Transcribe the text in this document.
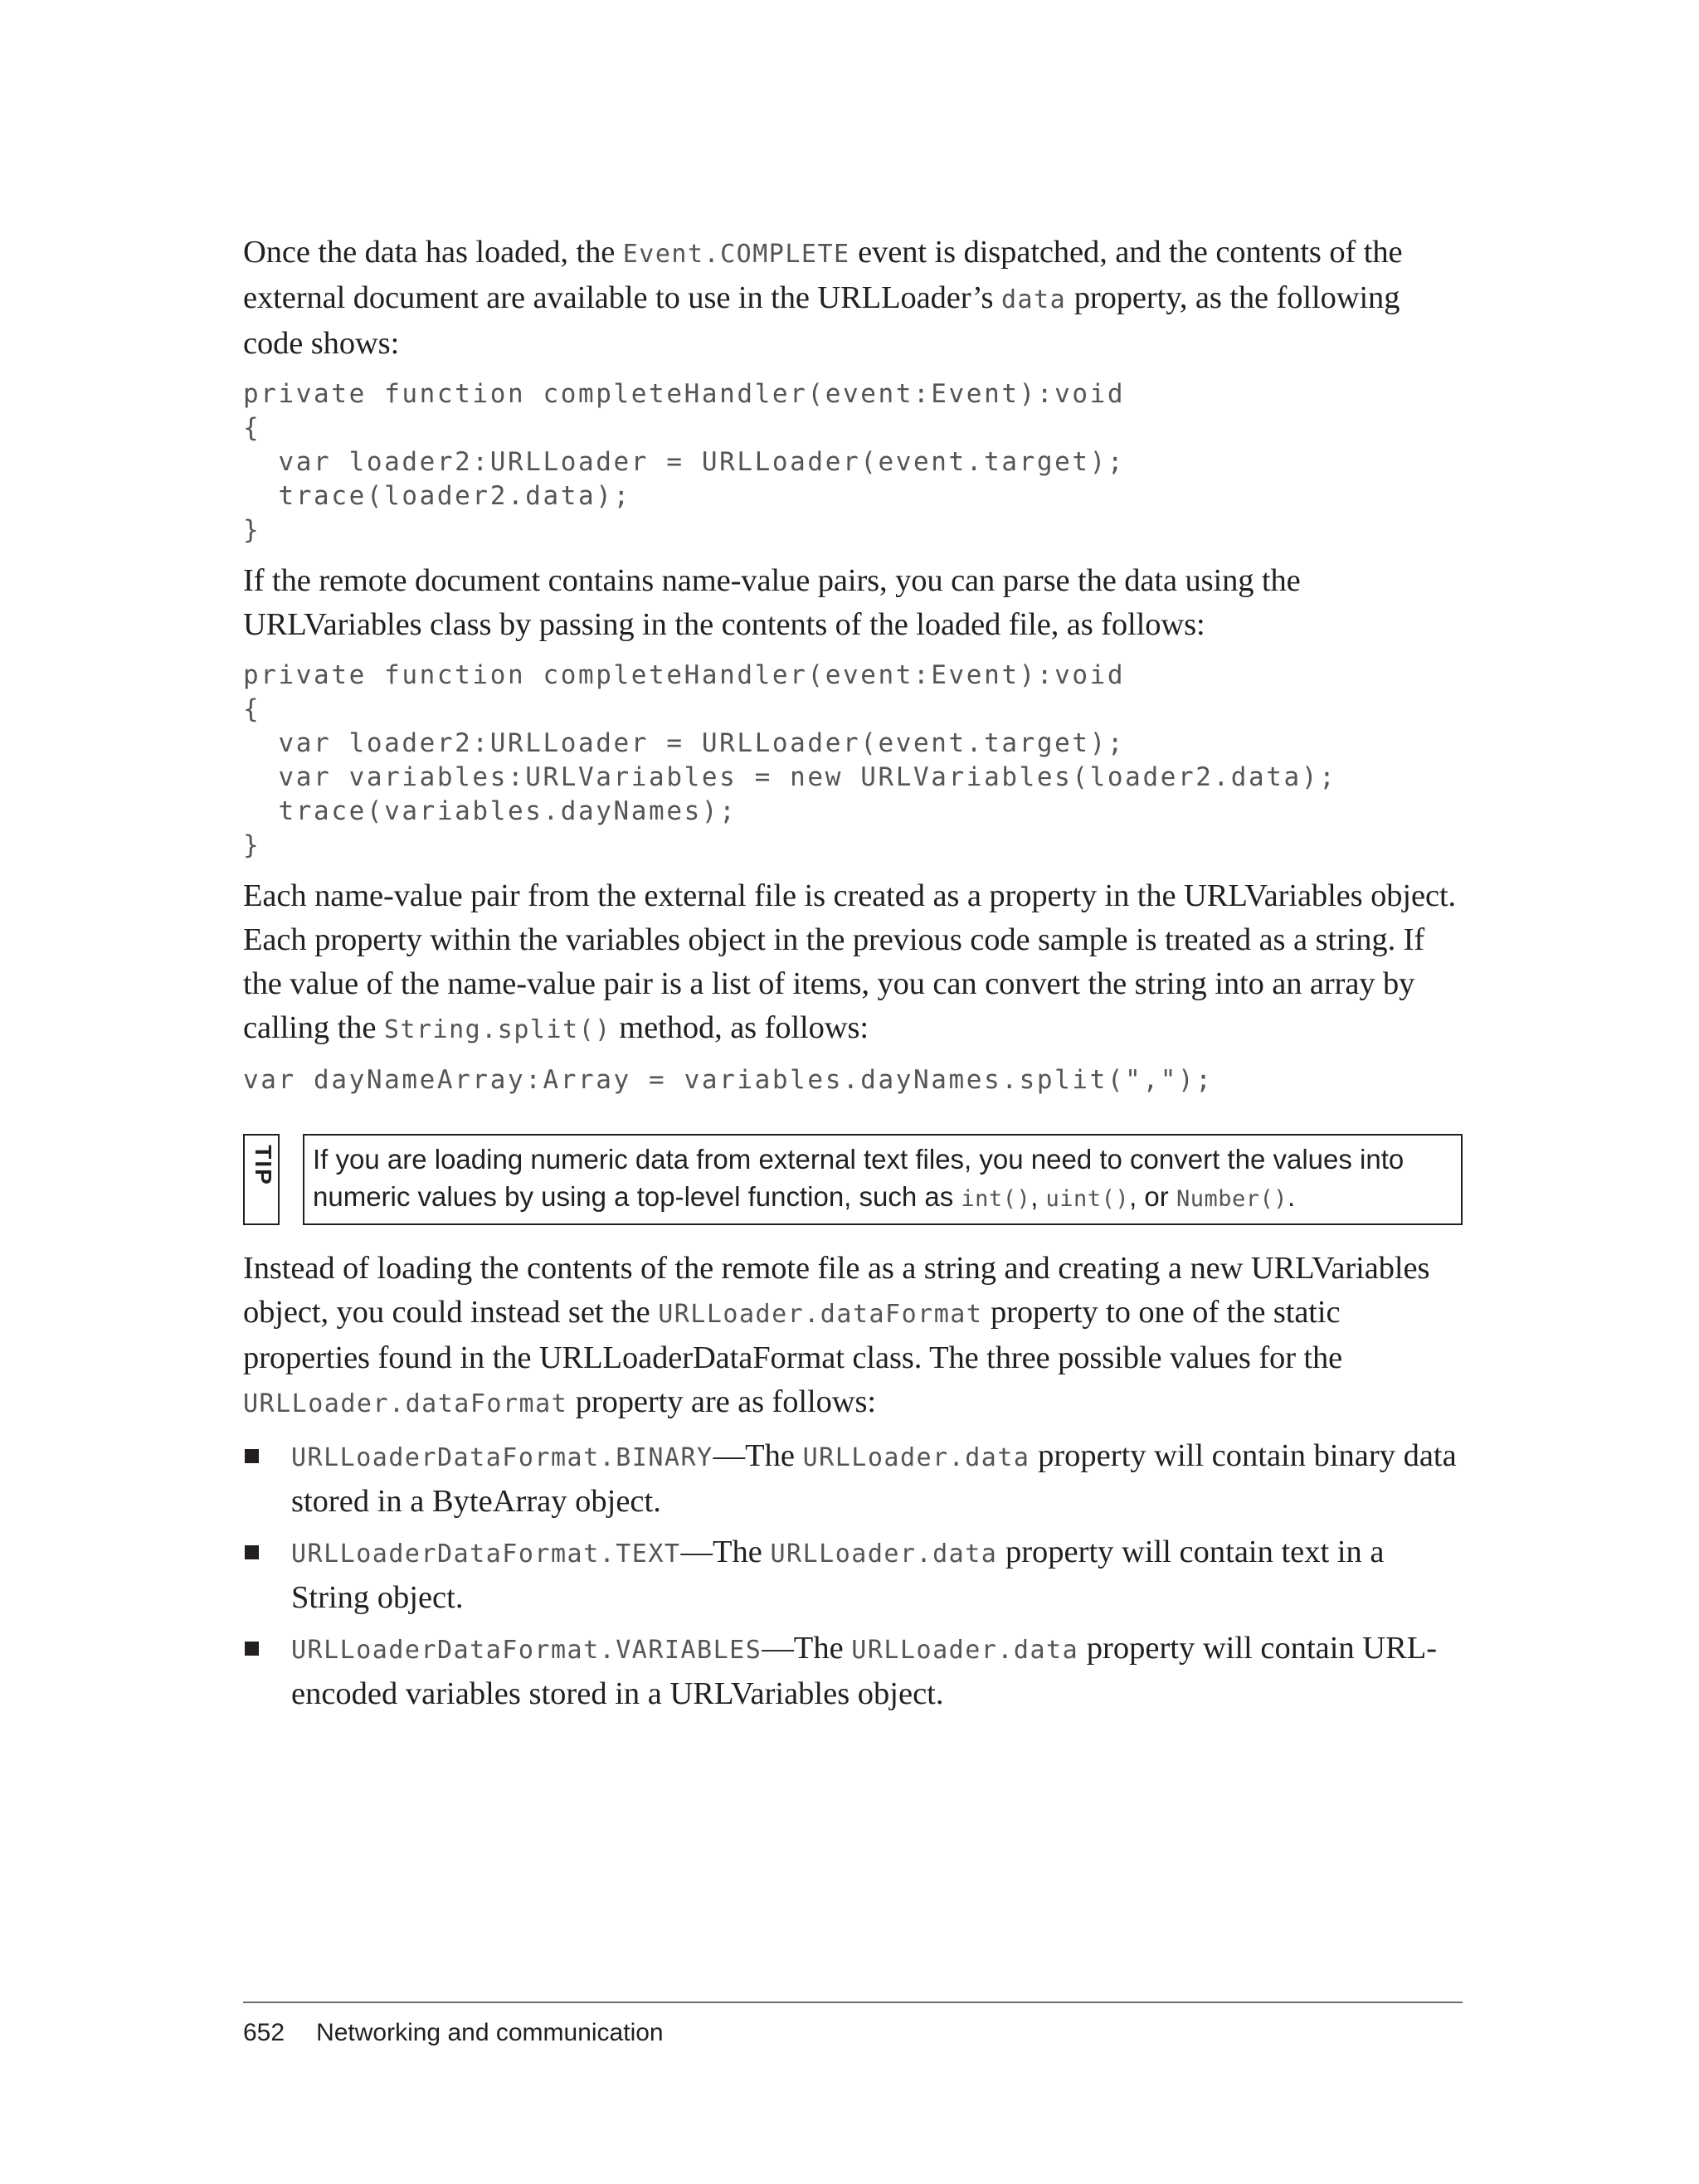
Once the data has loaded, the Event.COMPLETE event is dispatched, and the contents of the external document are available to use in the URLLoader’s data property, as the following code shows:

private function completeHandler(event:Event):void
{
var loader2:URLLoader = URLLoader(event.target);
trace(loader2.data);
}

If the remote document contains name-value pairs, you can parse the data using the URLVariables class by passing in the contents of the loaded file, as follows:

private function completeHandler(event:Event):void
{
var loader2:URLLoader = URLLoader(event.target);
var variables:URLVariables = new URLVariables(loader2.data);
trace(variables.dayNames);
}

Each name-value pair from the external file is created as a property in the URLVariables object. Each property within the variables object in the previous code sample is treated as a string. If the value of the name-value pair is a list of items, you can convert the string into an array by calling the String.split() method, as follows:

var dayNameArray:Array = variables.dayNames.split(",");
TIP	If you are loading numeric data from external text files, you need to convert the values into numeric values by using a top-level function, such as int(), uint(), or Number().

Instead of loading the contents of the remote file as a string and creating a new URLVariables object, you could instead set the URLLoader.dataFormat property to one of the static properties found in the URLLoaderDataFormat class. The three possible values for the URLLoader.dataFormat property are as follows:

URLLoaderDataFormat.BINARY—The URLLoader.data property will contain binary data stored in a ByteArray object.
URLLoaderDataFormat.TEXT—The URLLoader.data property will contain text in a String object.
URLLoaderDataFormat.VARIABLES—The URLLoader.data property will contain URL-encoded variables stored in a URLVariables object.
652 Networking and communication
